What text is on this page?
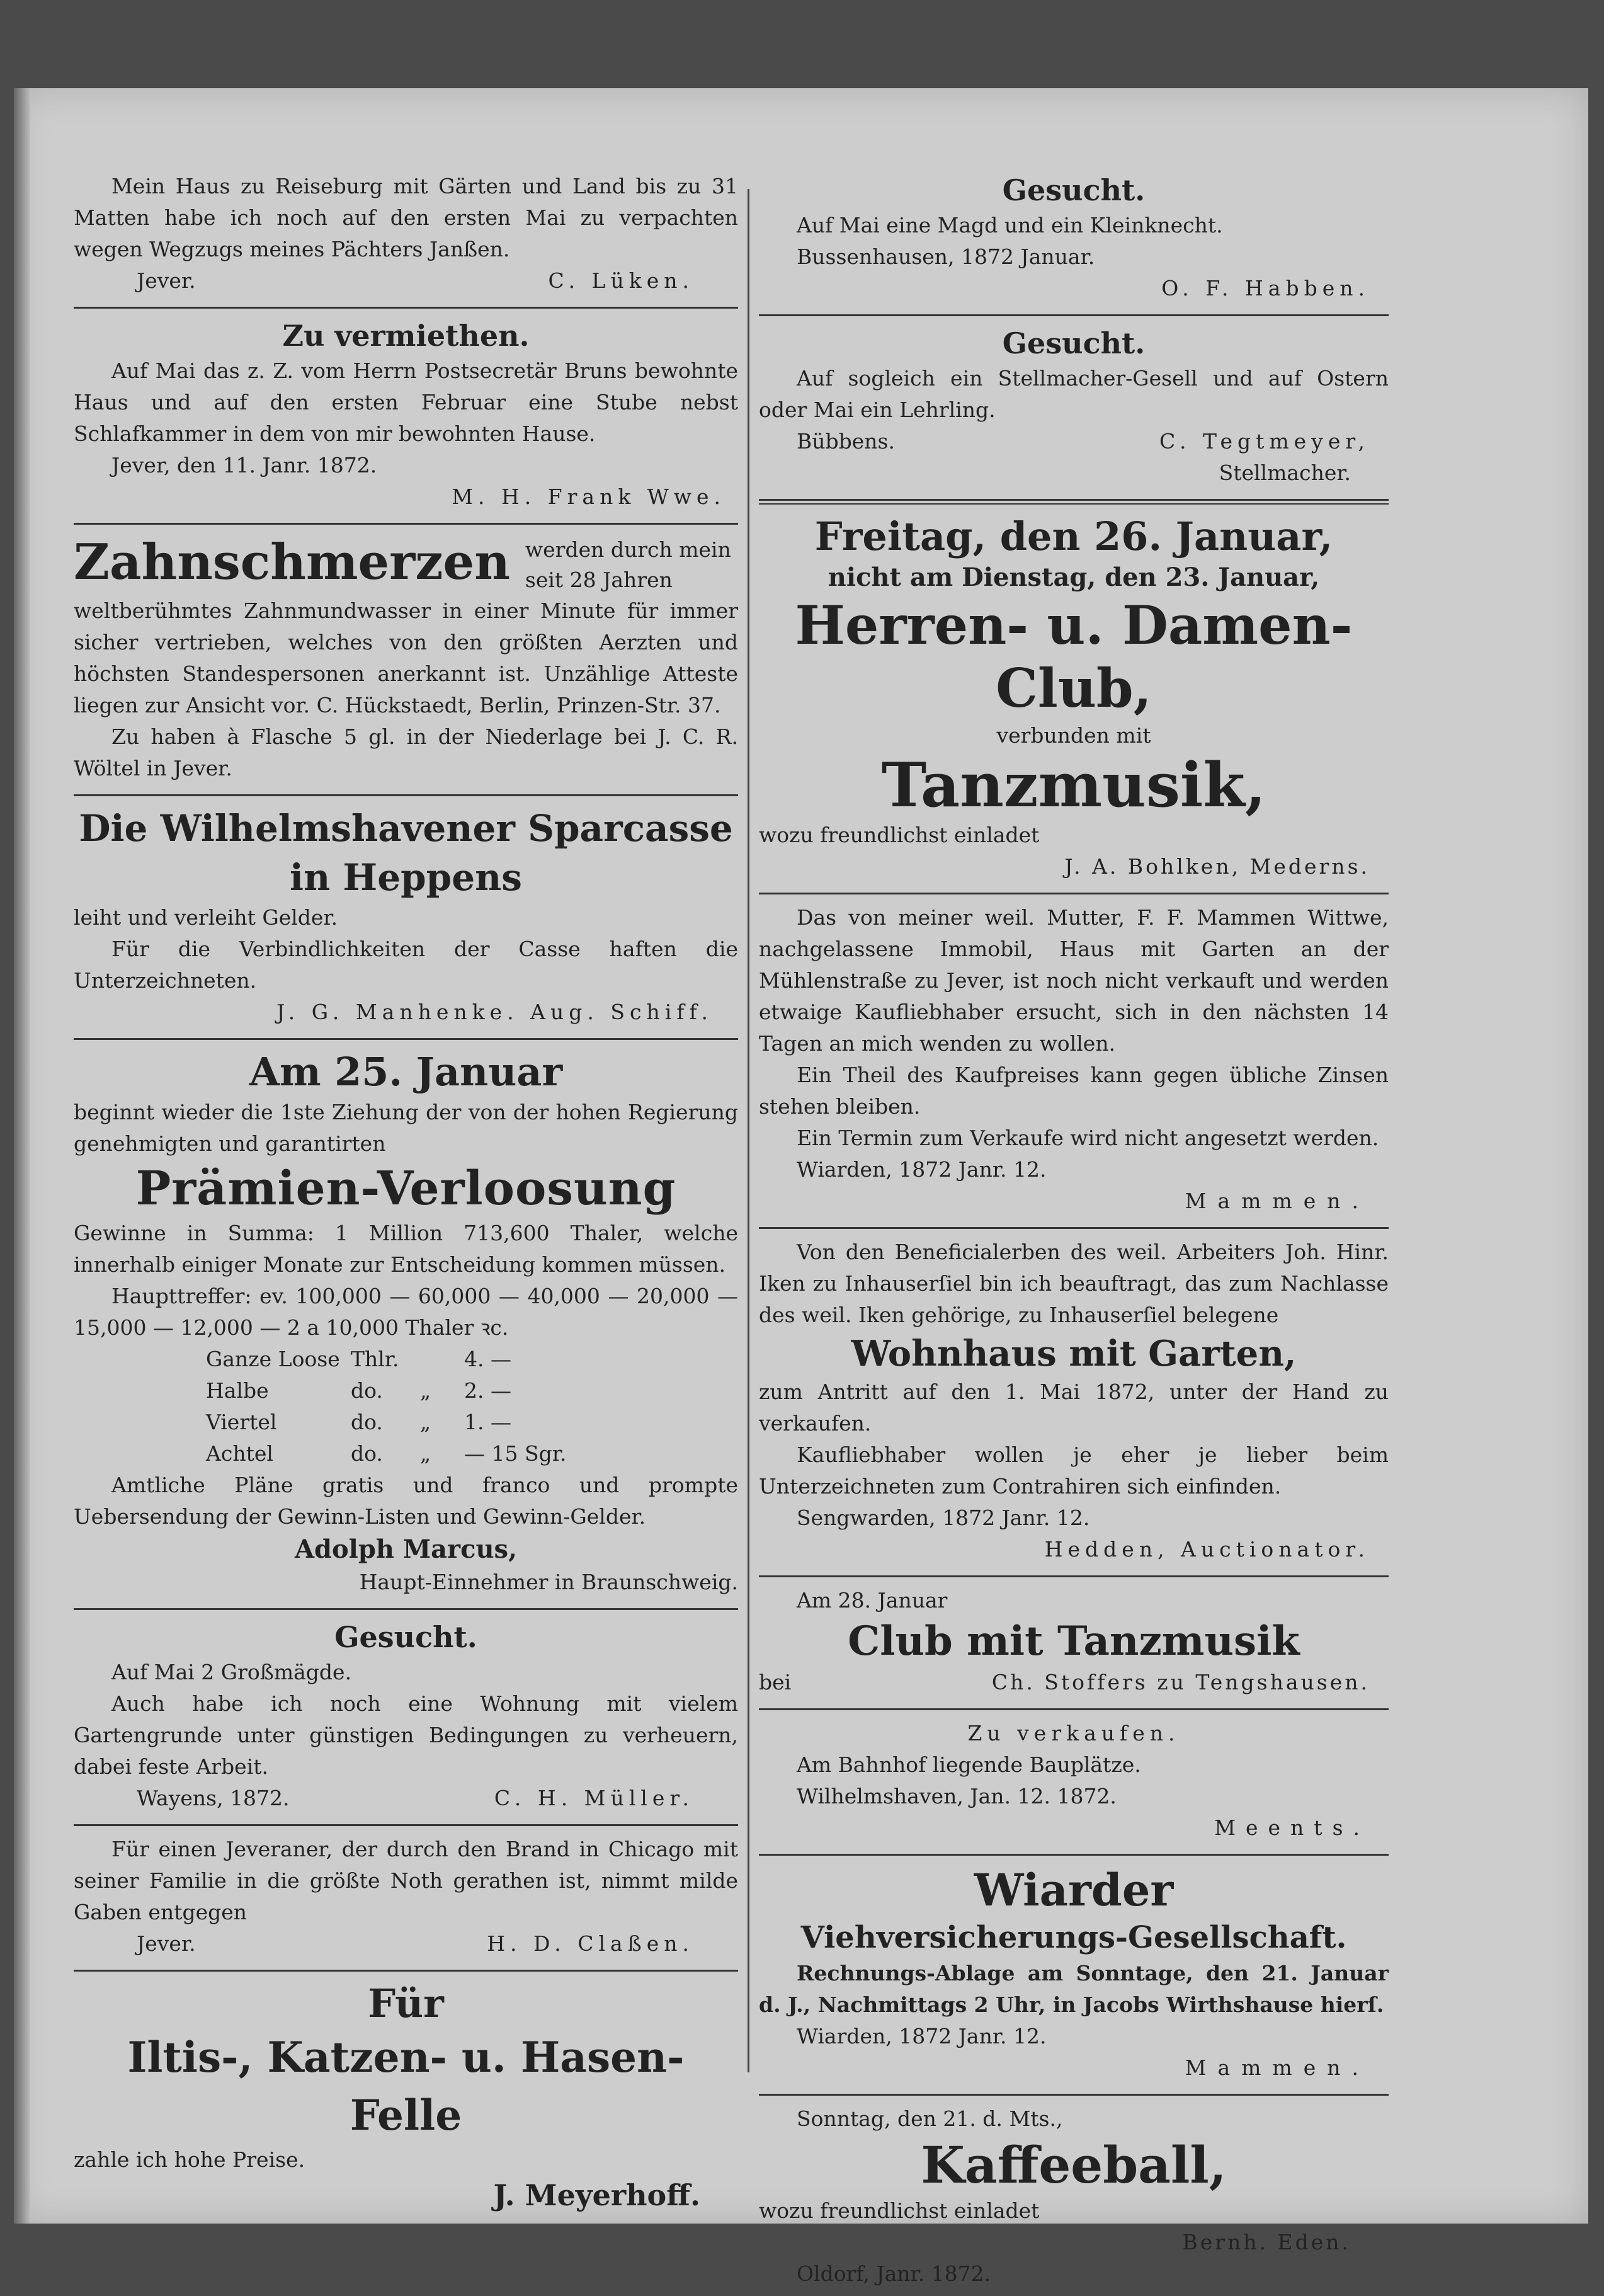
Mein Haus zu Reiseburg mit Gärten und Land bis zu 31 Matten habe ich noch auf den ersten Mai zu verpachten wegen Wegzugs meines Pächters Janßen.

Jever.	C. Lüken.
Zu vermiethen.

Auf Mai das z. Z. vom Herrn Postsecretär Bruns bewohnte Haus und auf den ersten Februar eine Stube nebst Schlafkammer in dem von mir bewohnten Hause.

Jever, den 11. Janr. 1872.

M. H. Frank Wwe.
Zahnschmerzen werden durch mein seit 28 Jahren

weltberühmtes Zahnmundwasser in einer Minute für immer sicher vertrieben, welches von den größten Aerzten und höchsten Standespersonen anerkannt ist. Unzählige Atteste liegen zur Ansicht vor. C. Hückstaedt, Berlin, Prinzen-Str. 37.

Zu haben à Flasche 5 gl. in der Niederlage bei J. C. R. Wöltel in Jever.

Die Wilhelmshavener Sparcasse
in Heppens

leiht und verleiht Gelder.

Für die Verbindlichkeiten der Casse haften die Unterzeichneten.

J. G. Manhenke. Aug. Schiff.
Am 25. Januar

beginnt wieder die 1ste Ziehung der von der hohen Regierung genehmigten und garantirten

Prämien-Verloosung

Gewinne in Summa: 1 Million 713,600 Thaler, welche innerhalb einiger Monate zur Entscheidung kommen müssen.

Haupttreffer: ev. 100,000 — 60,000 — 40,000 — 20,000 — 15,000 — 12,000 — 2 a 10,000 Thaler ꝛc.

Ganze Loose Thlr.	4. —
Halbe	do.	„	2. —
Viertel	do.	„	1. —
Achtel	do.	„	— 15 Sgr.

Amtliche Pläne gratis und franco und prompte Uebersendung der Gewinn-Listen und Gewinn-Gelder.

Adolph Marcus,
Haupt-Einnehmer in Braunschweig.
Gesucht.

Auf Mai 2 Großmägde.

Auch habe ich noch eine Wohnung mit vielem Gartengrunde unter günstigen Bedingungen zu verheuern, dabei feste Arbeit.

Wayens, 1872.	C. H. Müller.

Für einen Jeveraner, der durch den Brand in Chicago mit seiner Familie in die größte Noth gerathen ist, nimmt milde Gaben entgegen

Jever.	H. D. Claßen.
Für
Iltis-, Katzen- u. Hasen-Felle

zahle ich hohe Preise.

J. Meyerhoff.
Gesucht.

Auf Mai eine Magd und ein Kleinknecht.

Bussenhausen, 1872 Januar.

O. F. Habben.
Gesucht.

Auf sogleich ein Stellmacher-Gesell und auf Ostern oder Mai ein Lehrling.

Bübbens.	C. Tegtmeyer,
Stellmacher.
Freitag, den 26. Januar,
nicht am Dienstag, den 23. Januar,
Herren- u. Damen-Club,

verbunden mit

Tanzmusik,

wozu freundlichst einladet

J. A. Bohlken, Mederns.

Das von meiner weil. Mutter, F. F. Mammen Wittwe, nachgelassene Immobil, Haus mit Garten an der Mühlenstraße zu Jever, ist noch nicht verkauft und werden etwaige Kaufliebhaber ersucht, sich in den nächsten 14 Tagen an mich wenden zu wollen.

Ein Theil des Kaufpreises kann gegen übliche Zinsen stehen bleiben.

Ein Termin zum Verkaufe wird nicht angesetzt werden.

Wiarden, 1872 Janr. 12.

Mammen.

Von den Beneficialerben des weil. Arbeiters Joh. Hinr. Iken zu Inhauserſiel bin ich beauftragt, das zum Nachlasse des weil. Iken gehörige, zu Inhauserſiel belegene

Wohnhaus mit Garten,

zum Antritt auf den 1. Mai 1872, unter der Hand zu verkaufen.

Kaufliebhaber wollen je eher je lieber beim Unterzeichneten zum Contrahiren sich einfinden.

Sengwarden, 1872 Janr. 12.

Hedden, Auctionator.

Am 28. Januar

Club mit Tanzmusik
bei	Ch. Stoffers zu Tengshausen.
Zu verkaufen.

Am Bahnhof liegende Bauplätze.

Wilhelmshaven, Jan. 12. 1872.

Meents.
Wiarder
Viehversicherungs-Gesellschaft.

Rechnungs-Ablage am Sonntage, den 21. Januar d. J., Nachmittags 2 Uhr, in Jacobs Wirthshause hierſ.

Wiarden, 1872 Janr. 12.

Mammen.

Sonntag, den 21. d. Mts.,

Kaffeeball,

wozu freundlichst einladet

Bernh. Eden.

Oldorf, Janr. 1872.
